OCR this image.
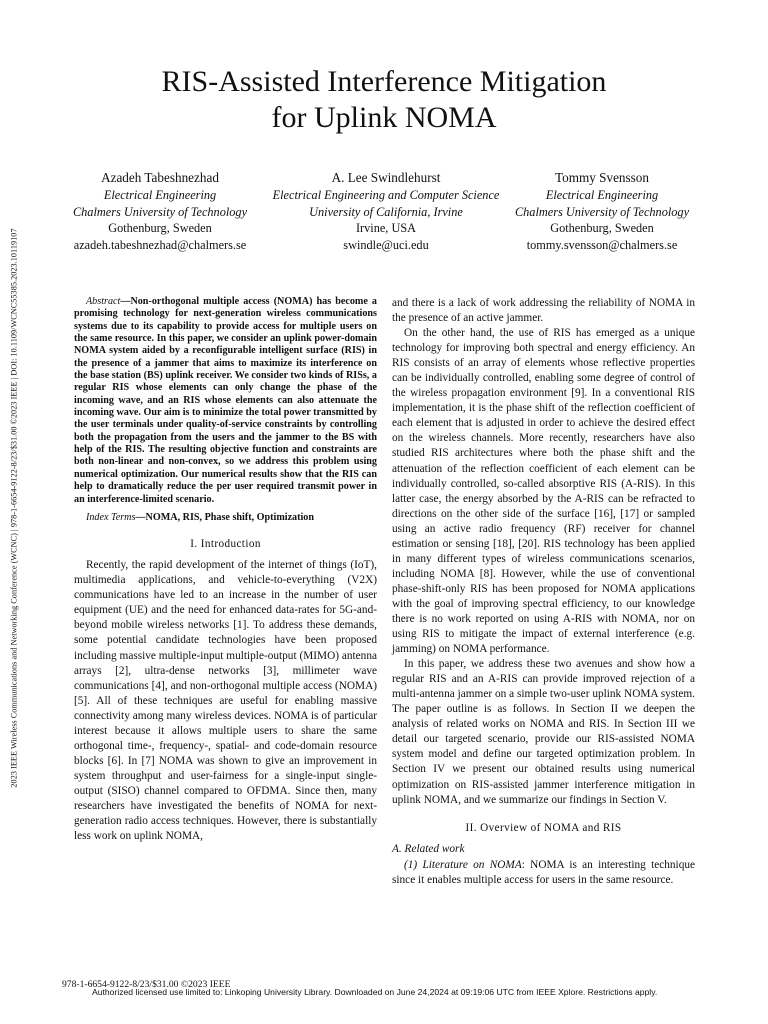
2023 IEEE Wireless Communications and Networking Conference (WCNC) | 978-1-6654-9122-8/23/$31.00 ©2023 IEEE | DOI: 10.1109/WCNC55385.2023.10119107
RIS-Assisted Interference Mitigation
for Uplink NOMA
Azadeh Tabeshnezhad
Electrical Engineering
Chalmers University of Technology
Gothenburg, Sweden
azadeh.tabeshnezhad@chalmers.se
A. Lee Swindlehurst
Electrical Engineering and Computer Science
University of California, Irvine
Irvine, USA
swindle@uci.edu
Tommy Svensson
Electrical Engineering
Chalmers University of Technology
Gothenburg, Sweden
tommy.svensson@chalmers.se

Abstract—Non-orthogonal multiple access (NOMA) has become a promising technology for next-generation wireless communications systems due to its capability to provide access for multiple users on the same resource. In this paper, we consider an uplink power-domain NOMA system aided by a reconfigurable intelligent surface (RIS) in the presence of a jammer that aims to maximize its interference on the base station (BS) uplink receiver. We consider two kinds of RISs, a regular RIS whose elements can only change the phase of the incoming wave, and an RIS whose elements can also attenuate the incoming wave. Our aim is to minimize the total power transmitted by the user terminals under quality-of-service constraints by controlling both the propagation from the users and the jammer to the BS with help of the RIS. The resulting objective function and constraints are both non-linear and non-convex, so we address this problem using numerical optimization. Our numerical results show that the RIS can help to dramatically reduce the per user required transmit power in an interference-limited scenario.

Index Terms—NOMA, RIS, Phase shift, Optimization

I. Introduction

Recently, the rapid development of the internet of things (IoT), multimedia applications, and vehicle-to-everything (V2X) communications have led to an increase in the number of user equipment (UE) and the need for enhanced data-rates for 5G-and-beyond mobile wireless networks [1]. To address these demands, some potential candidate technologies have been proposed including massive multiple-input multiple-output (MIMO) antenna arrays [2], ultra-dense networks [3], millimeter wave communications [4], and non-orthogonal multiple access (NOMA) [5]. All of these techniques are useful for enabling massive connectivity among many wireless devices. NOMA is of particular interest because it allows multiple users to share the same orthogonal time-, frequency-, spatial- and code-domain resource blocks [6]. In [7] NOMA was shown to give an improvement in system throughput and user-fairness for a single-input single-output (SISO) channel compared to OFDMA. Since then, many researchers have investigated the benefits of NOMA for next-generation radio access techniques. However, there is substantially less work on uplink NOMA,

and there is a lack of work addressing the reliability of NOMA in the presence of an active jammer.

On the other hand, the use of RIS has emerged as a unique technology for improving both spectral and energy efficiency. An RIS consists of an array of elements whose reflective properties can be individually controlled, enabling some degree of control of the wireless propagation environment [9]. In a conventional RIS implementation, it is the phase shift of the reflection coefficient of each element that is adjusted in order to achieve the desired effect on the wireless channels. More recently, researchers have also studied RIS architectures where both the phase shift and the attenuation of the reflection coefficient of each element can be individually controlled, so-called absorptive RIS (A-RIS). In this latter case, the energy absorbed by the A-RIS can be refracted to directions on the other side of the surface [16], [17] or sampled using an active radio frequency (RF) receiver for channel estimation or sensing [18], [20]. RIS technology has been applied in many different types of wireless communications scenarios, including NOMA [8]. However, while the use of conventional phase-shift-only RIS has been proposed for NOMA applications with the goal of improving spectral efficiency, to our knowledge there is no work reported on using A-RIS with NOMA, nor on using RIS to mitigate the impact of external interference (e.g. jamming) on NOMA performance.

In this paper, we address these two avenues and show how a regular RIS and an A-RIS can provide improved rejection of a multi-antenna jammer on a simple two-user uplink NOMA system. The paper outline is as follows. In Section II we deepen the analysis of related works on NOMA and RIS. In Section III we detail our targeted scenario, provide our RIS-assisted NOMA system model and define our targeted optimization problem. In Section IV we present our obtained results using numerical optimization on RIS-assisted jammer interference mitigation in uplink NOMA, and we summarize our findings in Section V.

II. Overview of NOMA and RIS
A. Related work

(1) Literature on NOMA: NOMA is an interesting technique since it enables multiple access for users in the same resource.

978-1-6654-9122-8/23/$31.00 ©2023 IEEE
Authorized licensed use limited to: Linkoping University Library. Downloaded on June 24,2024 at 09:19:06 UTC from IEEE Xplore. Restrictions apply.
